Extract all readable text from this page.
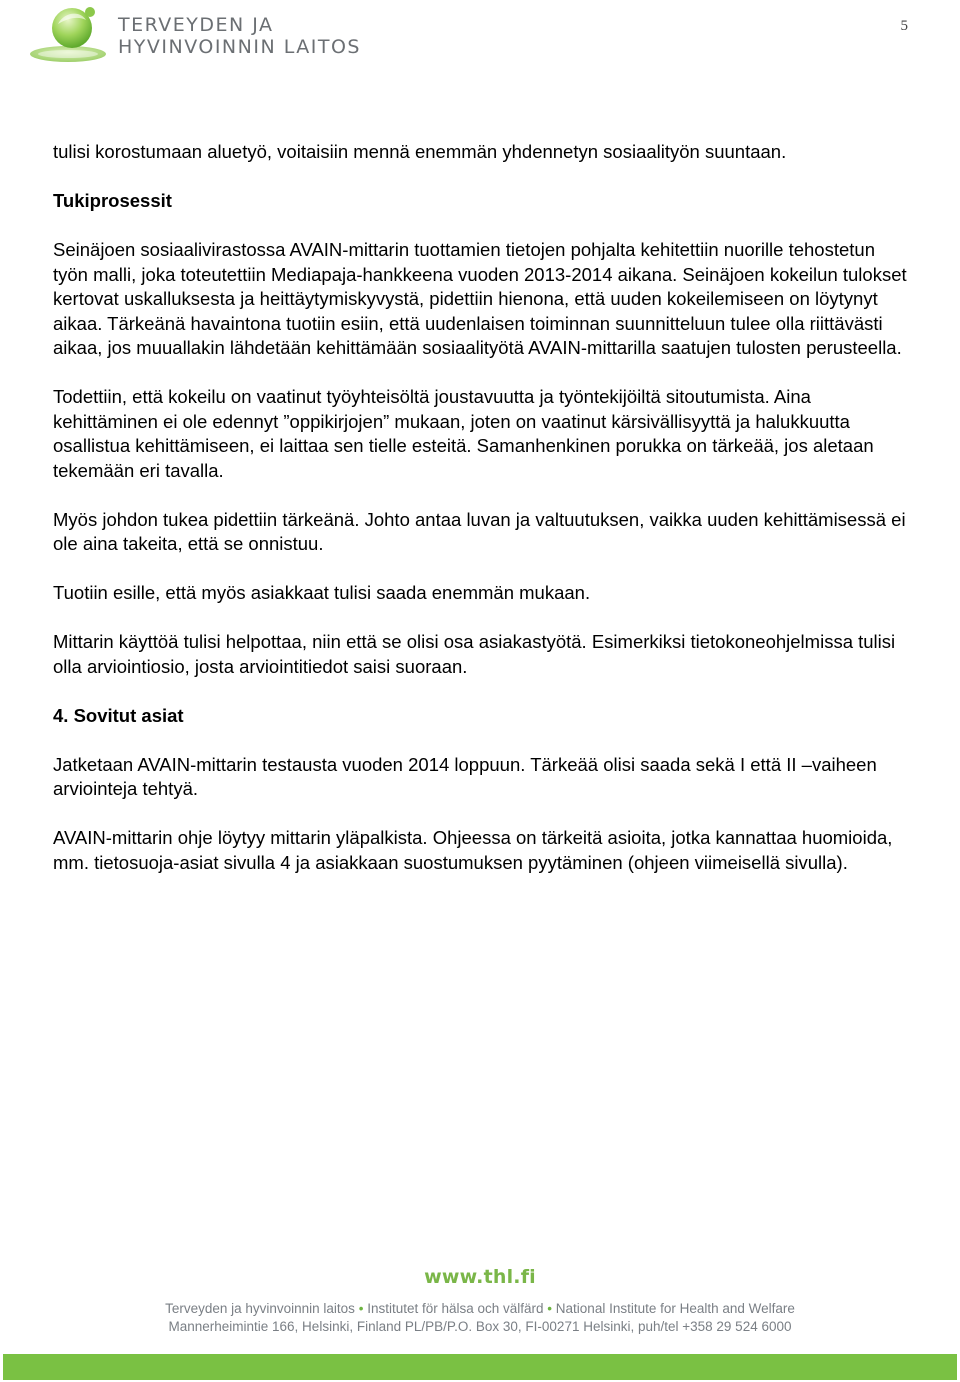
TERVEYDEN JA
HYVINVOINNIN LAITOS
5

tulisi korostumaan aluetyö, voitaisiin mennä enemmän yhdennetyn sosiaalityön suuntaan.

Tukiprosessit

Seinäjoen sosiaalivirastossa AVAIN-mittarin tuottamien tietojen pohjalta kehitettiin nuorille tehostetun työn malli, joka toteutettiin Mediapaja-hankkeena vuoden 2013-2014 aikana. Seinäjoen kokeilun tulokset kertovat uskalluksesta ja heittäytymiskyvystä, pidettiin hienona, että uuden kokeilemiseen on löytynyt aikaa. Tärkeänä havaintona tuotiin esiin, että uudenlaisen toiminnan suunnitteluun tulee olla riittävästi aikaa, jos muuallakin lähdetään kehittämään sosiaalityötä AVAIN-mittarilla saatujen tulosten perusteella.

Todettiin, että kokeilu on vaatinut työyhteisöltä joustavuutta ja työntekijöiltä sitoutumista. Aina kehittäminen ei ole edennyt ”oppikirjojen” mukaan, joten on vaatinut kärsivällisyyttä ja halukkuutta osallistua kehittämiseen, ei laittaa sen tielle esteitä. Samanhenkinen porukka on tärkeää, jos aletaan tekemään eri tavalla.

Myös johdon tukea pidettiin tärkeänä. Johto antaa luvan ja valtuutuksen, vaikka uuden kehittämisessä ei ole aina takeita, että se onnistuu.

Tuotiin esille, että myös asiakkaat tulisi saada enemmän mukaan.

Mittarin käyttöä tulisi helpottaa, niin että se olisi osa asiakastyötä. Esimerkiksi tietokoneohjelmissa tulisi olla arviointiosio, josta arviointitiedot saisi suoraan.

4. Sovitut asiat

Jatketaan AVAIN-mittarin testausta vuoden 2014 loppuun. Tärkeää olisi saada sekä I että II –vaiheen arviointeja tehtyä.

AVAIN-mittarin ohje löytyy mittarin yläpalkista. Ohjeessa on tärkeitä asioita, jotka kannattaa huomioida, mm. tietosuoja-asiat sivulla 4 ja asiakkaan suostumuksen pyytäminen (ohjeen viimeisellä sivulla).

www.thl.fi
Terveyden ja hyvinvoinnin laitos • Institutet för hälsa och välfärd • National Institute for Health and Welfare
Mannerheimintie 166, Helsinki, Finland PL/PB/P.O. Box 30, FI-00271 Helsinki, puh/tel +358 29 524 6000
